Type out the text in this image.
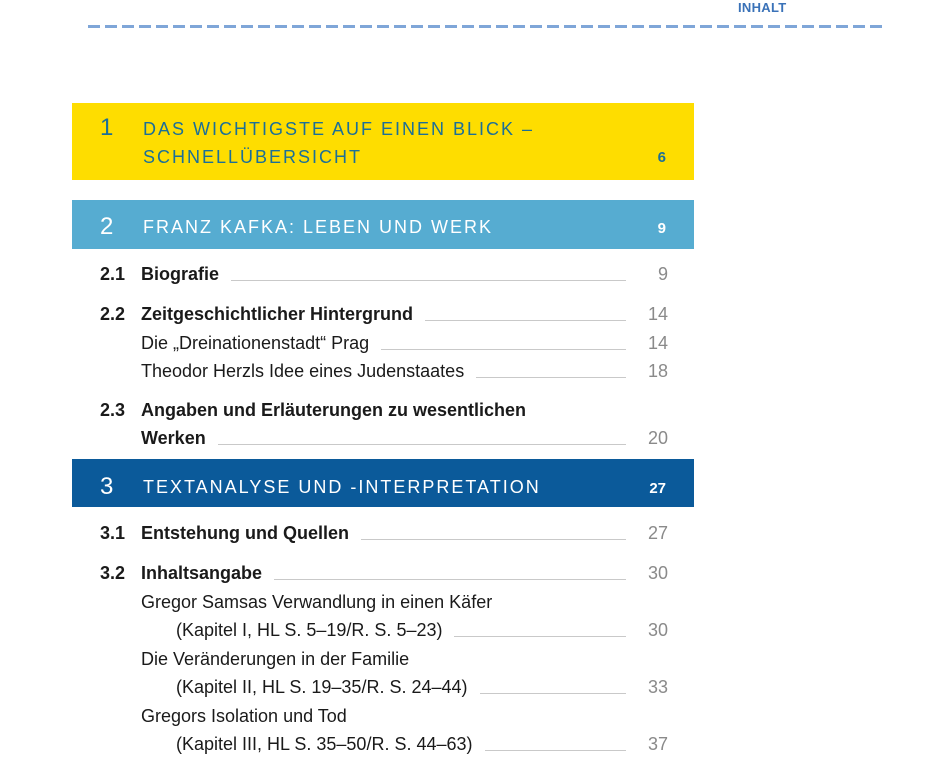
INHALT
1 DAS WICHTIGSTE AUF EINEN BLICK –
SCHNELLÜBERSICHT	6
2 FRANZ KAFKA: LEBEN UND WERK	9
2.1 Biografie	9
2.2 Zeitgeschichtlicher Hintergrund	14
Die „Dreinationenstadt“ Prag	14
Theodor Herzls Idee eines Judenstaates	18
2.3 Angaben und Erläuterungen zu wesentlichen
Werken	20
3 TEXTANALYSE UND -INTERPRETATION	27
3.1 Entstehung und Quellen	27
3.2 Inhaltsangabe	30
Gregor Samsas Verwandlung in einen Käfer
(Kapitel I, HL S. 5–19/R. S. 5–23)	30
Die Veränderungen in der Familie
(Kapitel II, HL S. 19–35/R. S. 24–44)	33
Gregors Isolation und Tod
(Kapitel III, HL S. 35–50/R. S. 44–63)	37
